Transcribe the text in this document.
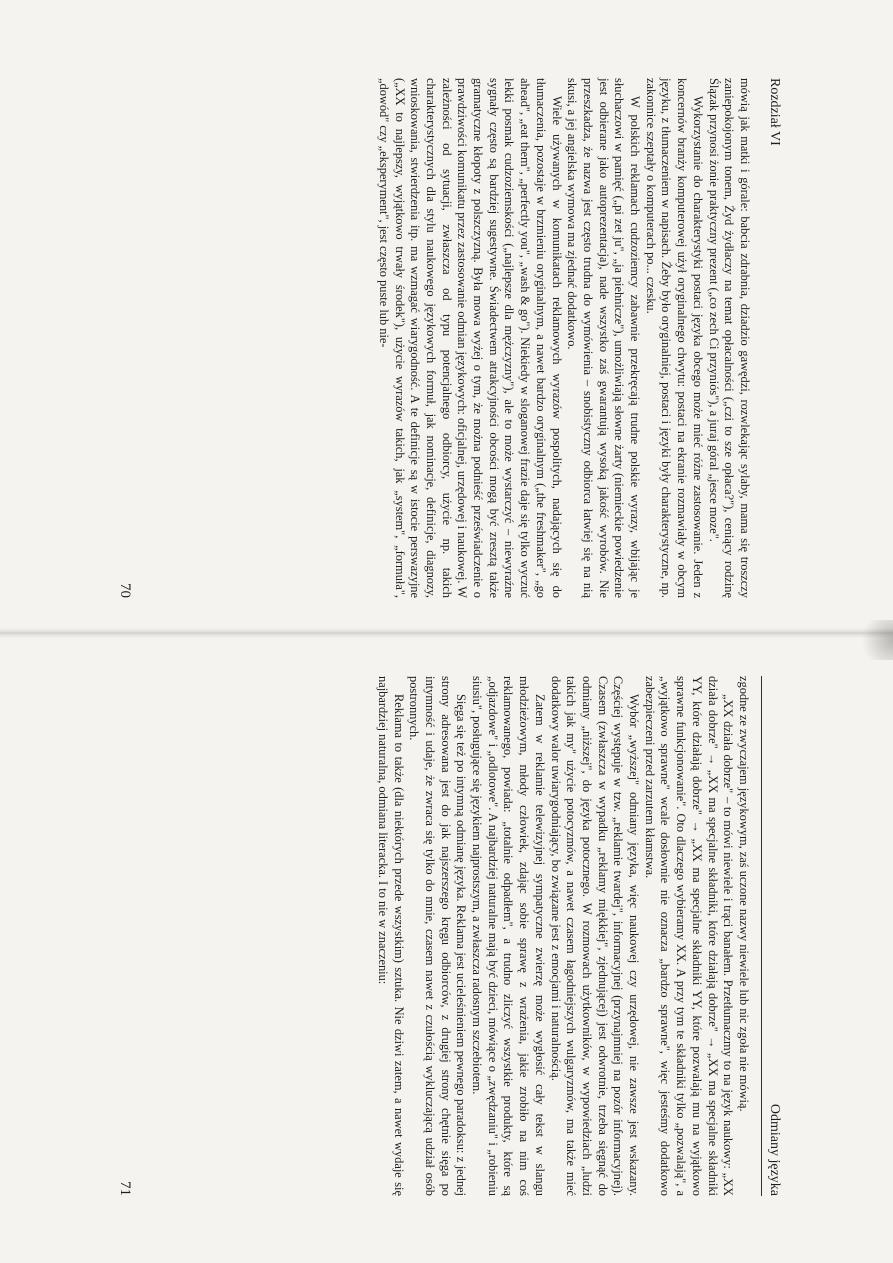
Rozdział VI

mówią jak matki i górale: babcia zdrabnia, dziadzio gawędzi, rozwlekając sylaby, mama się troszczy zaniepokojonym tonem, Żyd żydłaczy na temat opłacalności („czi to sze opłaca?"), ceniący rodzinę Ślązak przynosi żonie praktyczny prezent („co zech Ci przyniós"), a juraj góral „jesce moze".

Wykorzystanie do charakterystyki postaci języka obcego może mieć różne zastosowanie. Jeden z koncernów branży komputerowej użył oryginalnego chwytu: postaci na ekranie rozmawiały w obcym języku, z tłumaczeniem w napisach. Żeby było oryginalniej, postaci i języki były charakterystyczne, np. zakonnice szeptały o komputerach po... czesku.

W polskich reklamach cudzoziemcy zabawnie przekręcają trudne polskie wyrazy, wbijając je słuchaczowi w pamięć („pi zet ju", „ja piehnicze"), umożliwiają słowne żarty (niemieckie powiedzenie jest odbierane jako autoprezentacja), nade wszystko zaś gwarantują wysoką jakość wyrobów. Nie przeszkadza, że nazwa jest często trudna do wymówienia – snobistyczny odbiorca łatwiej się na nią skusi, a jej angielska wymowa ma zjednać dodatkowo.

Wiele używanych w komunikatach reklamowych wyrazów pospolitych, nadających się do tłumaczenia, pozostaje w brzmieniu oryginalnym, a nawet bardzo oryginalnym („the freshmaker", „go ahead", „eat them", „perfectly you", „wash & go"). Niekiedy w sloganowej frazie daje się tylko wyczuć lekki posmak cudzoziemskości („najlepsze dla mężczyzny"), ale to może wystarczyć – niewyraźne sygnały często są bardziej sugestywne. Świadectwem atrakcyjności obcości mogą być zresztą także gramatyczne kłopoty z polszczyzną. Była mowa wyżej o tym, że można podnieść przeświadczenie o prawdziwości komunikatu przez zastosowanie odmian językowych: oficjalnej, urzędowej i naukowej. W zależności od sytuacji, zwłaszcza od typu potencjalnego odbiorcy, użycie np. takich charakterystycznych dla stylu naukowego językowych formuł, jak nominacje, definicje, diagnozy, wnioskowania, stwierdzenia itp. ma wzmagać wiarygodność. A te definicje są w istocie perswazyjne („XX to najlepszy, wyjątkowo trwały środek"), użycie wyrazów takich, jak „system", „formuła", „dowód" czy „eksperyment", jest często puste lub nie-

70
Odmiany języka

zgodne ze zwyczajem językowym, zaś uczone nazwy niewiele lub nic zgoła nie mówią.

„XX działa dobrze" – to mówi niewiele i trąci banałem. Przetłumaczmy to na język naukowy: „XX działa dobrze" → „XX ma specjalne składniki, które działają dobrze" → „XX ma specjalne składniki YY, które działają dobrze" → „XX ma specjalne składniki YY, które pozwalają mu na wyjątkowo sprawne funkcjonowanie". Oto dlaczego wybieramy XX. A przy tym te składniki tylko „pozwalają", a „wyjątkowo sprawne" wcale dosłownie nie oznacza „bardzo sprawne", więc jesteśmy dodatkowo zabezpieczeni przed zarzutem kłamstwa.

Wybór „wyższej" odmiany języka, więc naukowej czy urzędowej, nie zawsze jest wskazany. Częściej występuje w tzw. „reklamie twardej", informacyjnej (przynajmniej na pozór informacyjnej). Czasem (zwłaszcza w wypadku „reklamy miękkiej", zjednującej) jest odwrotnie, trzeba sięgnąć do odmiany „niższej", do języka potocznego. W rozmowach użytkowników, w wypowiedziach „ludzi takich jak my" użycie potocyzmów, a nawet czasem łagodniejszych wulgaryzmów, ma także mieć dodatkowy walor uwiarygodniający, bo związane jest z emocjami i naturalnością.

Zatem w reklamie telewizyjnej sympatyczne zwierzę może wygłosić cały tekst w slangu młodzieżowym, młody człowiek, zdając sobie sprawę z wrażenia, jakie zrobiło na nim coś reklamowanego, powiada: „totalnie odpadłem", a trudno zliczyć wszystkie produkty, które są „odjazdowe" i „odlotowe". A najbardziej naturalne mają być dzieci, mówiące o „zwędzaniu" i „robieniu siusiu", posługujące się językiem najprostszym, a zwłaszcza radosnym szczebiotem.

Sięga się też po intymną odmianę języka. Reklama jest ucieleśnieniem pewnego paradoksu: z jednej strony adresowana jest do jak najszerszego kręgu odbiorców, z drugiej strony chętnie sięga po intymność i udaje, że zwraca się tylko do mnie, czasem nawet z czułością wykluczającą udział osób postronnych.

Reklama to także (dla niektórych przede wszystkim) sztuka. Nie dziwi zatem, a nawet wydaje się najbardziej naturalna, odmiana literacka. I to nie w znaczeniu:

71
